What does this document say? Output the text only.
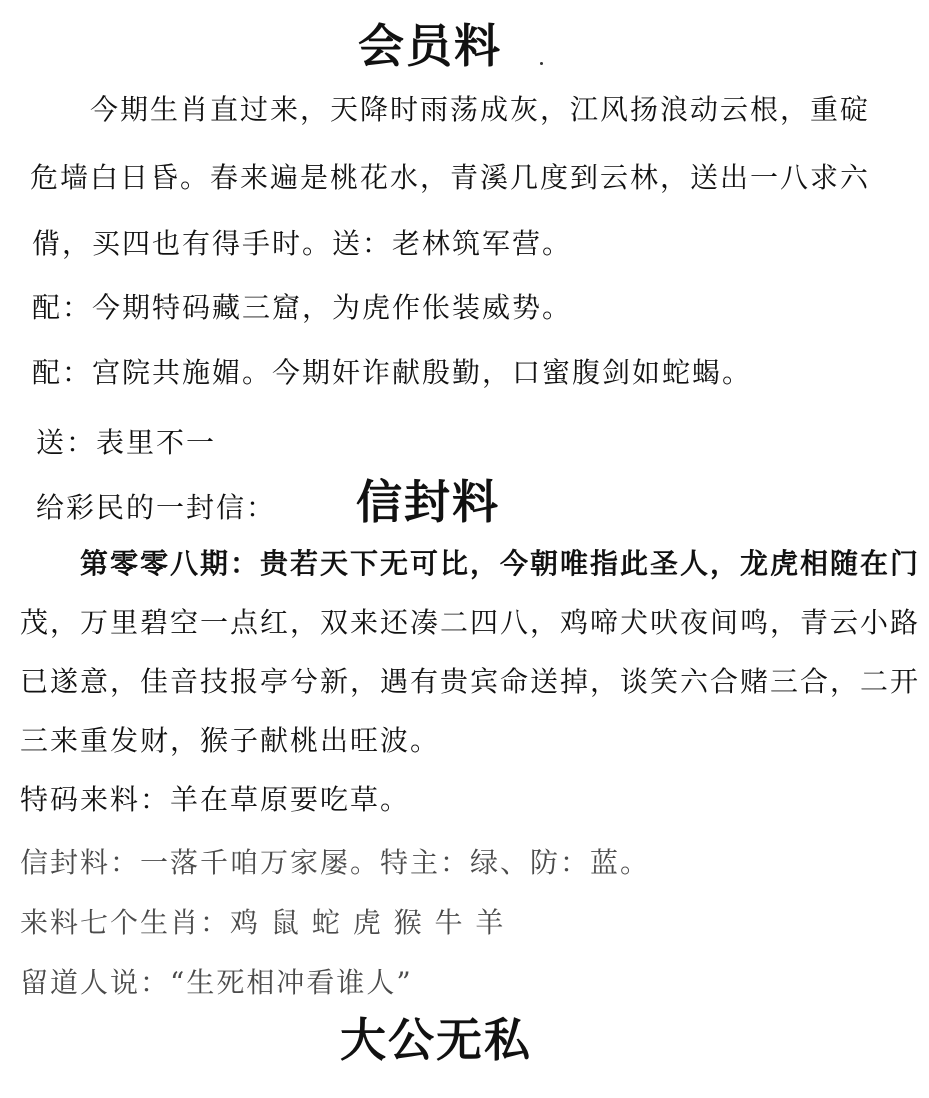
会员料
今期生肖直过来，天降时雨荡成灰，江风扬浪动云根，重碇
危墙白日昏。春来遍是桃花水，青溪几度到云林，送出一八求六
偝，买四也有得手时。送：老林筑军营。
配：今期特码藏三窟，为虎作伥装威势。
配：宫院共施媚。今期奸诈献殷勤，口蜜腹剑如蛇蝎。
送：表里不一
给彩民的一封信： 信封料
第零零八期：贵若天下无可比，今朝唯指此圣人，龙虎相随在门
茂，万里碧空一点红，双来还凑二四八，鸡啼犬吠夜间鸣，青云小路
已遂意，佳音技报亭兮新，遇有贵宾命送掉，谈笑六合赌三合，二开
三来重发财，猴子献桃出旺波。
特码来料：羊在草原要吃草。
信封料：一落千咱万家屡。特主：绿、防：蓝。
来料七个生肖：鸡 鼠 蛇 虎 猴 牛 羊
留道人说：“生死相冲看谁人”
大公无私
